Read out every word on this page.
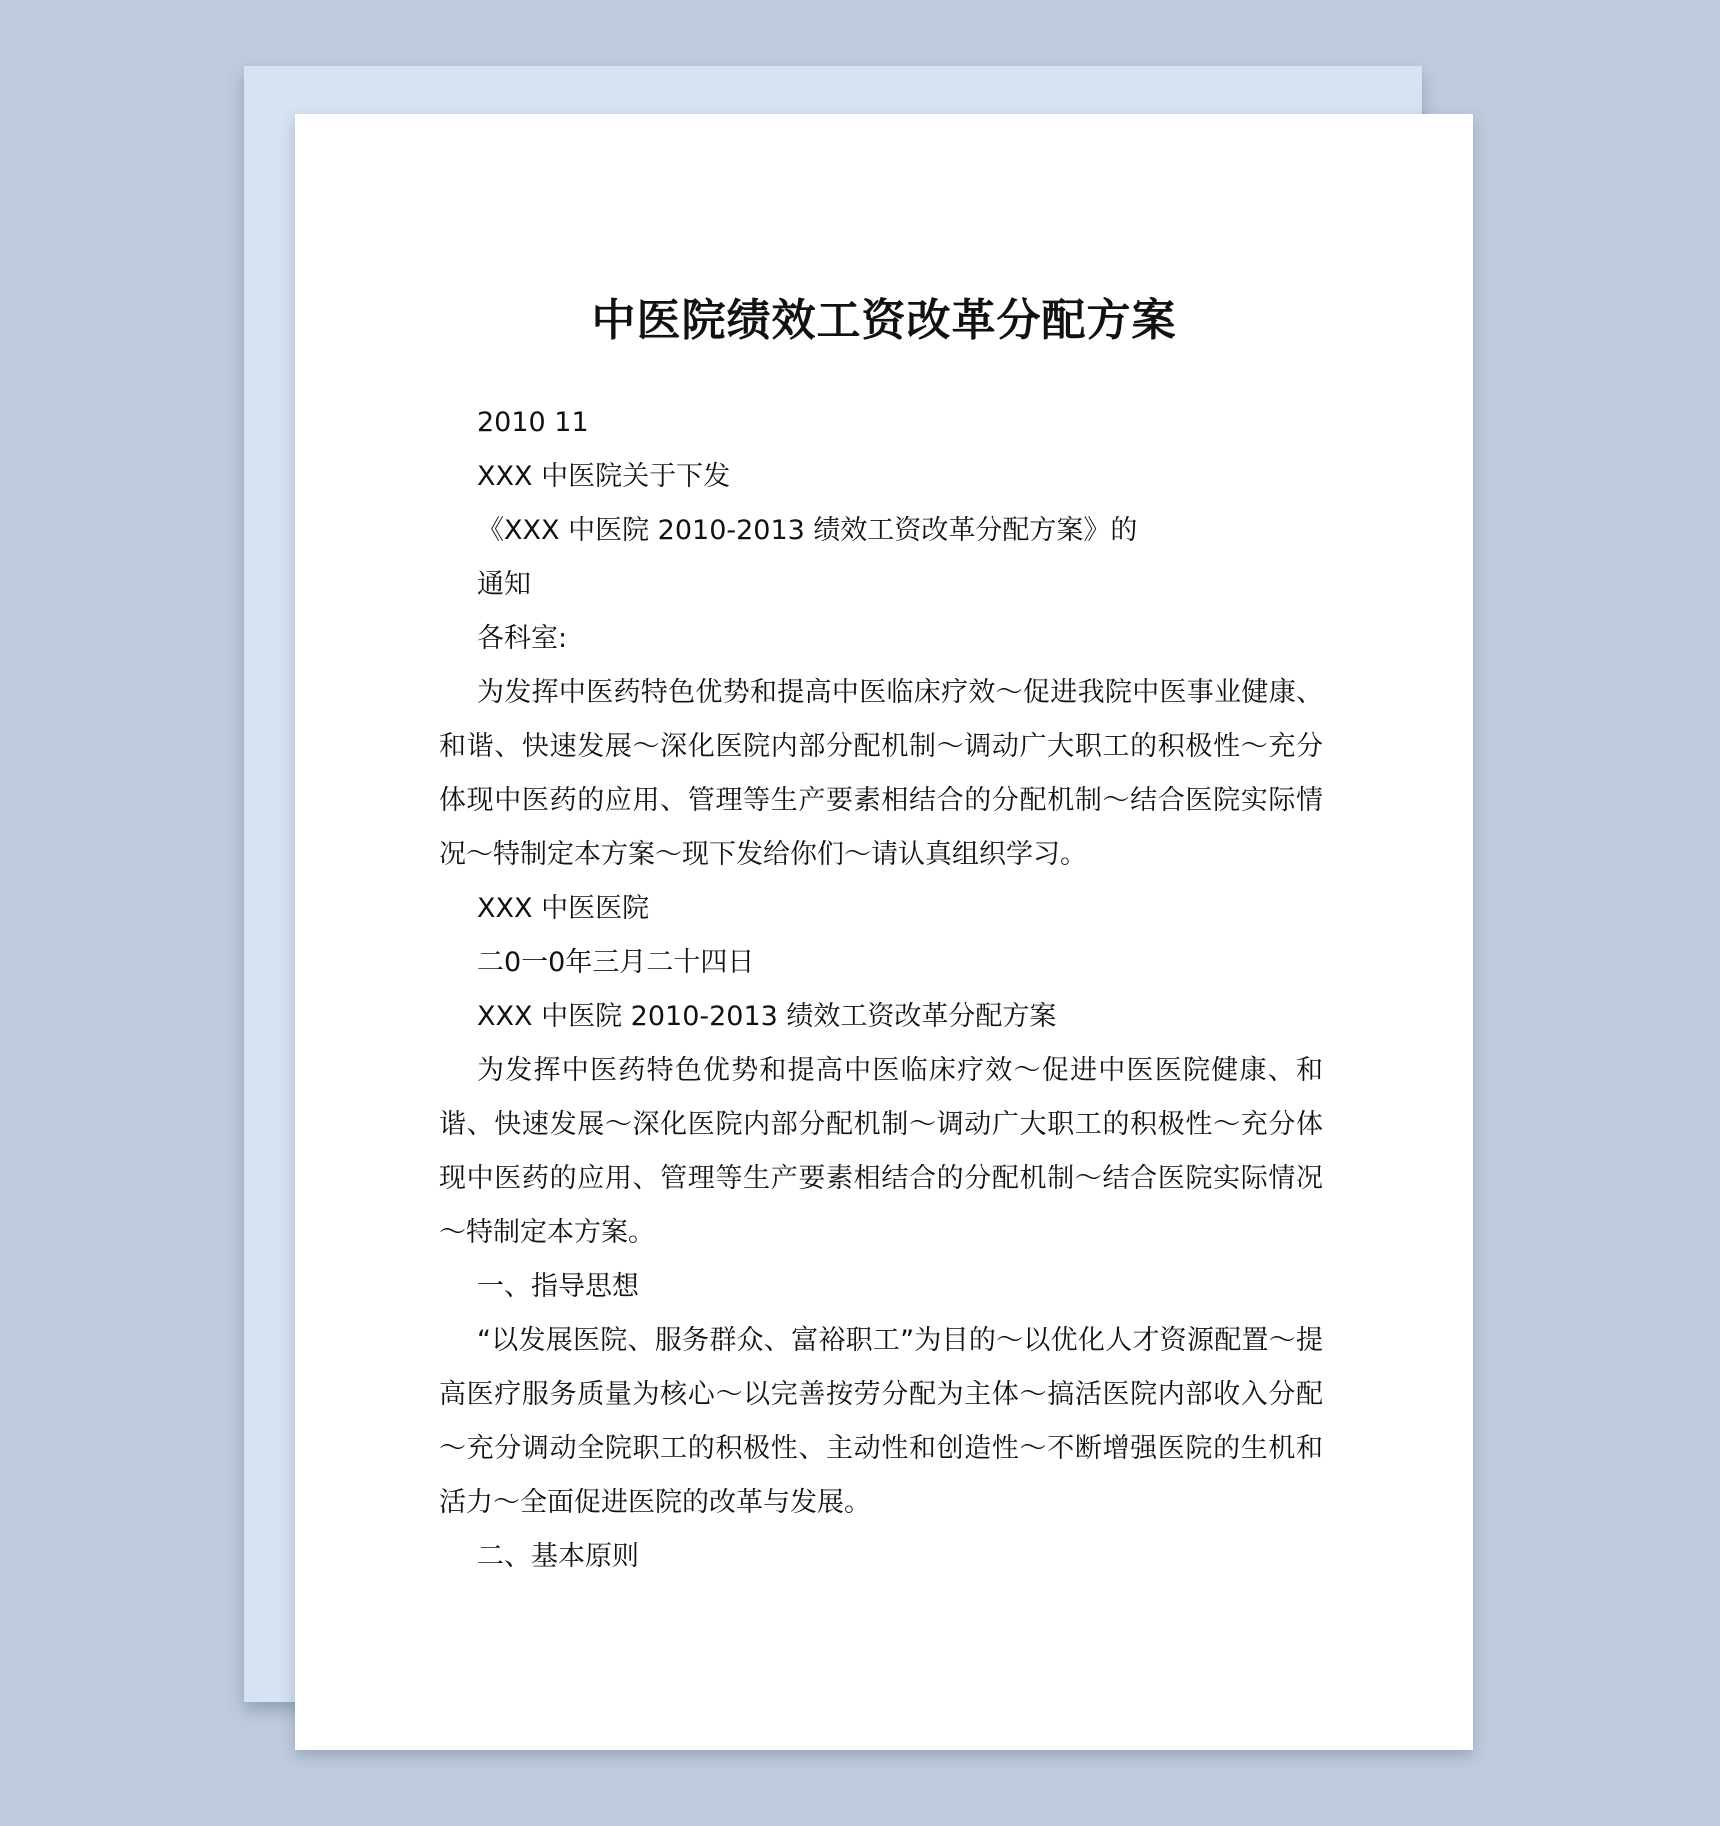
中医院绩效工资改革分配方案

2010 11

XXX 中医院关于下发

《XXX 中医院 2010-2013 绩效工资改革分配方案》的

通知

各科室:

为发挥中医药特色优势和提高中医临床疗效～促进我院中医事业健康、和谐、快速发展～深化医院内部分配机制～调动广大职工的积极性～充分体现中医药的应用、管理等生产要素相结合的分配机制～结合医院实际情况～特制定本方案～现下发给你们～请认真组织学习。

XXX 中医医院

二0一0年三月二十四日

XXX 中医院 2010-2013 绩效工资改革分配方案

为发挥中医药特色优势和提高中医临床疗效～促进中医医院健康、和谐、快速发展～深化医院内部分配机制～调动广大职工的积极性～充分体现中医药的应用、管理等生产要素相结合的分配机制～结合医院实际情况～特制定本方案。

一、指导思想

“以发展医院、服务群众、富裕职工”为目的～以优化人才资源配置～提高医疗服务质量为核心～以完善按劳分配为主体～搞活医院内部收入分配～充分调动全院职工的积极性、主动性和创造性～不断增强医院的生机和活力～全面促进医院的改革与发展。

二、基本原则
